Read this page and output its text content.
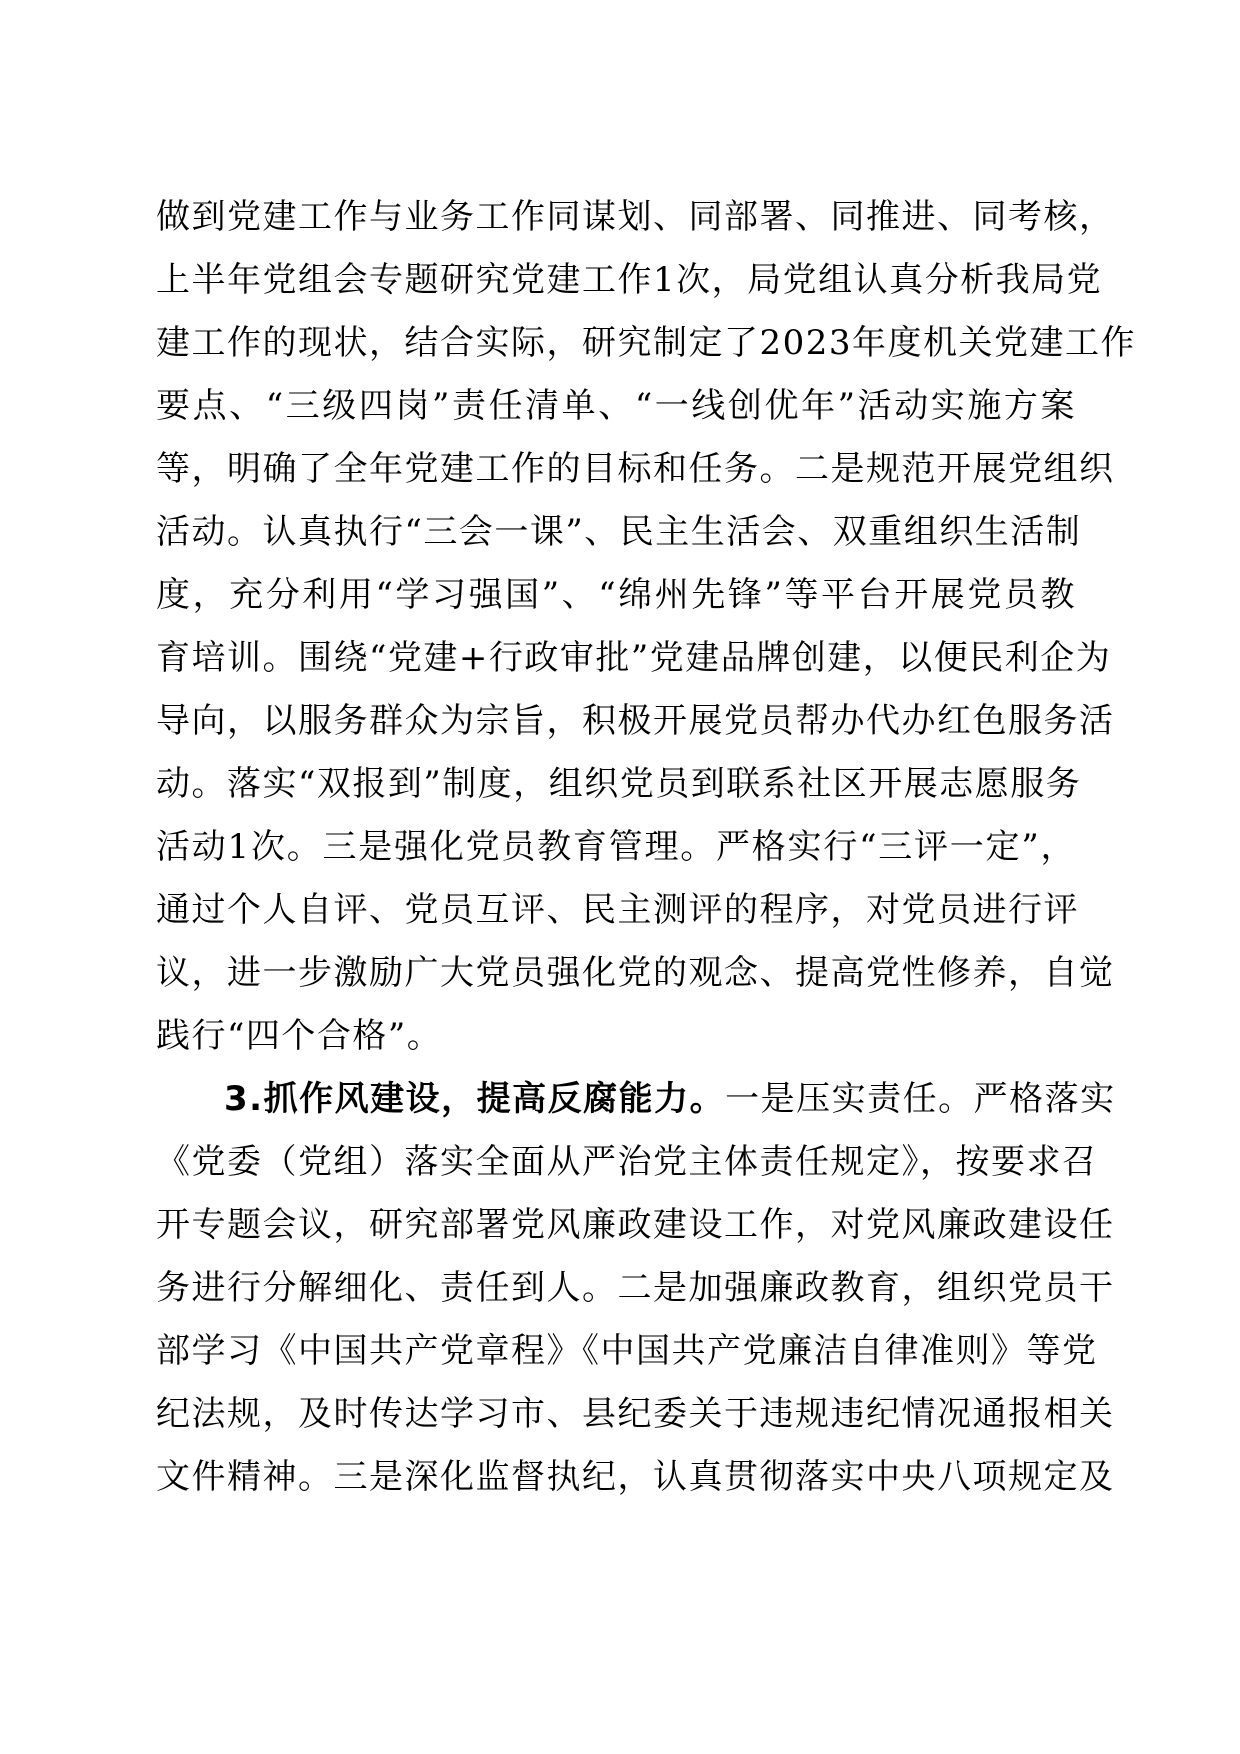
做到党建工作与业务工作同谋划、同部署、同推进、同考核，
上半年党组会专题研究党建工作1次，局党组认真分析我局党
建工作的现状，结合实际，研究制定了2023年度机关党建工作
要点、“三级四岗”责任清单、“一线创优年”活动实施方案
等，明确了全年党建工作的目标和任务。二是规范开展党组织
活动。认真执行“三会一课”、民主生活会、双重组织生活制
度，充分利用“学习强国”、“绵州先锋”等平台开展党员教
育培训。围绕“党建+行政审批”党建品牌创建，以便民利企为
导向，以服务群众为宗旨，积极开展党员帮办代办红色服务活
动。落实“双报到”制度，组织党员到联系社区开展志愿服务
活动1次。三是强化党员教育管理。严格实行“三评一定”，
通过个人自评、党员互评、民主测评的程序，对党员进行评
议，进一步激励广大党员强化党的观念、提高党性修养，自觉
践行“四个合格”。
3.抓作风建设，提高反腐能力。一是压实责任。严格落实
《党委（党组）落实全面从严治党主体责任规定》，按要求召
开专题会议，研究部署党风廉政建设工作，对党风廉政建设任
务进行分解细化、责任到人。二是加强廉政教育，组织党员干
部学习《中国共产党章程》《中国共产党廉洁自律准则》等党
纪法规，及时传达学习市、县纪委关于违规违纪情况通报相关
文件精神。三是深化监督执纪，认真贯彻落实中央八项规定及
